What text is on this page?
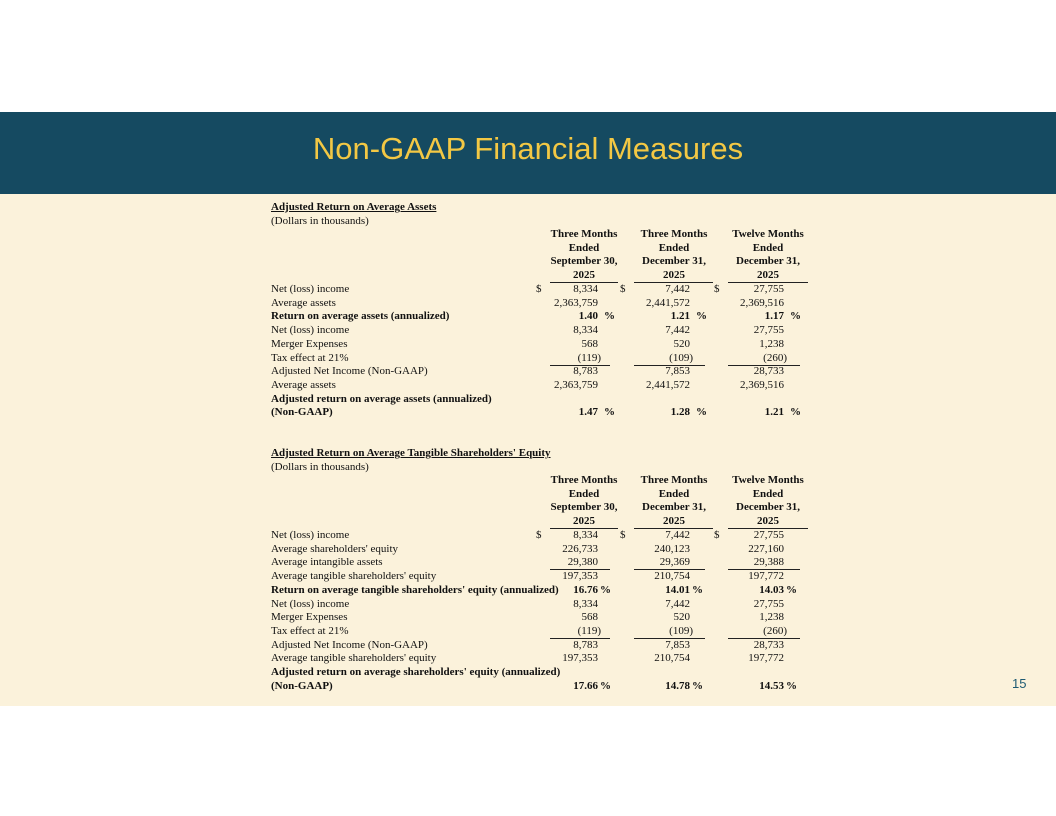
Non-GAAP Financial Measures
15
Adjusted Return on Average Assets
(Dollars in thousands)
Three Months
Ended
September 30,
2025
Three Months
Ended
December 31,
2025
Twelve Months
Ended
December 31,
2025
Net (loss) income	$	8,334 $	7,442 $	27,755
Average assets	2,363,759	2,441,572	2,369,516
Return on average assets (annualized)	1.40 %	1.21 %	1.17 %
Net (loss) income	8,334	7,442	27,755
Merger Expenses	568	520	1,238
Tax effect at 21%	(119)	(109)	(260)
Adjusted Net Income (Non-GAAP)	8,783	7,853	28,733
Average assets	2,363,759	2,441,572	2,369,516
Adjusted return on average assets (annualized)
(Non-GAAP)	1.47 %	1.28 %	1.21 %
Adjusted Return on Average Tangible Shareholders' Equity
(Dollars in thousands)
Three Months
Ended
September 30,
2025
Three Months
Ended
December 31,
2025
Twelve Months
Ended
December 31,
2025
Net (loss) income	$	8,334 $	7,442 $	27,755
Average shareholders' equity	226,733	240,123	227,160
Average intangible assets	29,380	29,369	29,388
Average tangible shareholders' equity	197,353	210,754	197,772
Return on average tangible shareholders' equity (annualized)	16.76 %	14.01 %	14.03 %
Net (loss) income	8,334	7,442	27,755
Merger Expenses	568	520	1,238
Tax effect at 21%	(119)	(109)	(260)
Adjusted Net Income (Non-GAAP)	8,783	7,853	28,733
Average tangible shareholders' equity	197,353	210,754	197,772
Adjusted return on average shareholders' equity (annualized)
(Non-GAAP)	17.66 %	14.78 %	14.53 %
